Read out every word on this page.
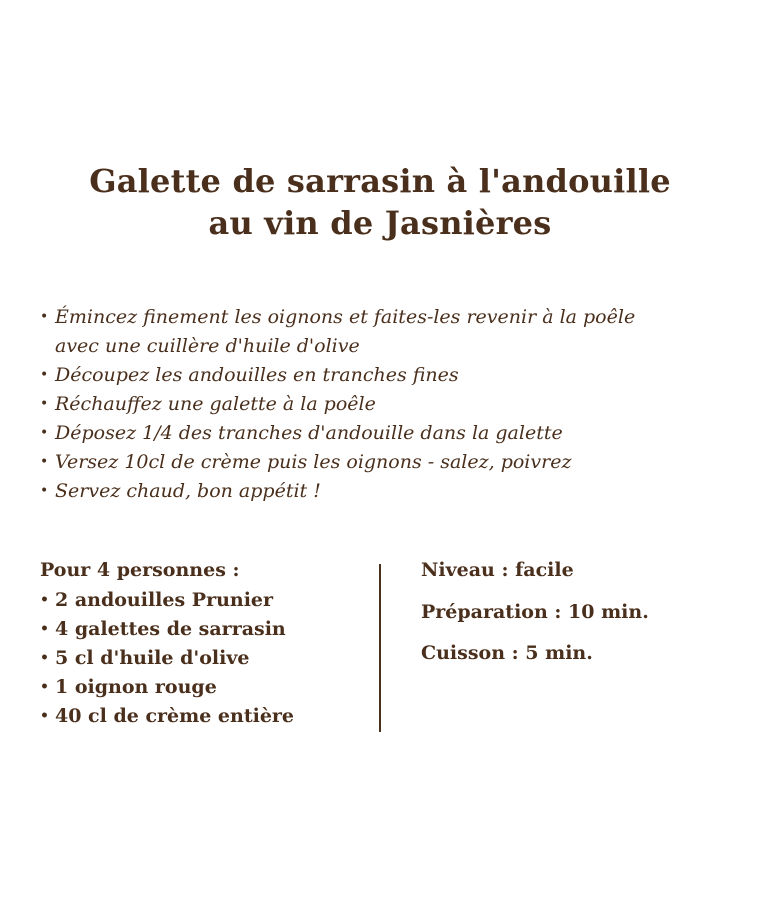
Galette de sarrasin à l'andouille
au vin de Jasnières
• Émincez finement les oignons et faites-les revenir à la poêle avec une cuillère d'huile d'olive
• Découpez les andouilles en tranches fines
• Réchauffez une galette à la poêle
• Déposez 1/4 des tranches d'andouille dans la galette
• Versez 10cl de crème puis les oignons - salez, poivrez
• Servez chaud, bon appétit !
Pour 4 personnes :
• 2 andouilles Prunier
• 4 galettes de sarrasin
• 5 cl d'huile d'olive
• 1 oignon rouge
• 40 cl de crème entière
Niveau : facile
Préparation : 10 min.
Cuisson : 5 min.
